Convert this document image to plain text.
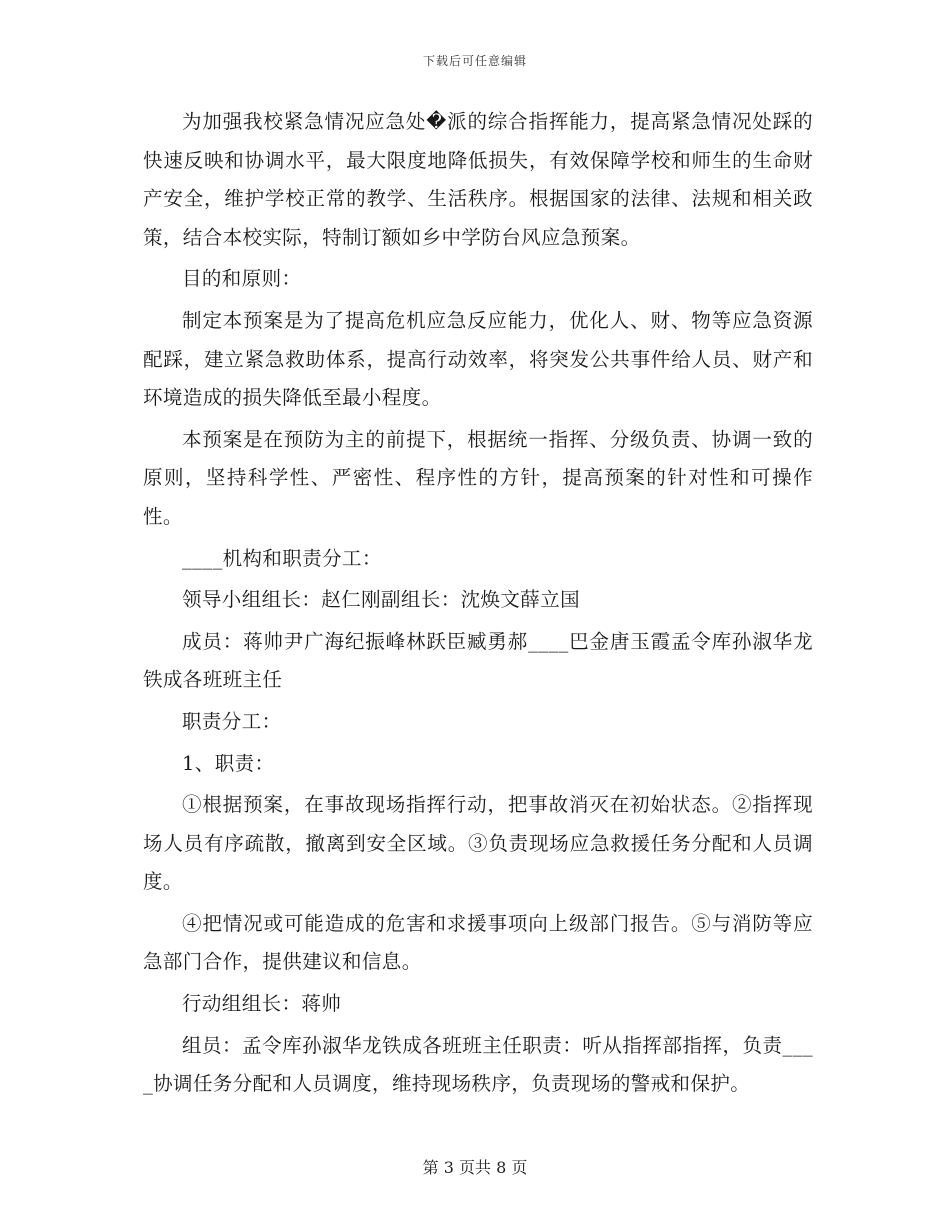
下载后可任意编辑

为加强我校紧急情况应急处�派的综合指挥能力，提高紧急情况处踩的快速反映和协调水平，最大限度地降低损失，有效保障学校和师生的生命财产安全，维护学校正常的教学、生活秩序。根据国家的法律、法规和相关政策，结合本校实际，特制订额如乡中学防台风应急预案。

目的和原则：

制定本预案是为了提高危机应急反应能力，优化人、财、物等应急资源配踩，建立紧急救助体系，提高行动效率，将突发公共事件给人员、财产和环境造成的损失降低至最小程度。

本预案是在预防为主的前提下，根据统一指挥、分级负责、协调一致的原则，坚持科学性、严密性、程序性的方针，提高预案的针对性和可操作性。

____机构和职责分工：

领导小组组长：赵仁刚副组长：沈焕文薛立国

成员：蒋帅尹广海纪振峰林跃臣臧勇郝____巴金唐玉霞孟令库孙淑华龙铁成各班班主任

职责分工：

1、职责：

①根据预案，在事故现场指挥行动，把事故消灭在初始状态。②指挥现场人员有序疏散，撤离到安全区域。③负责现场应急救援任务分配和人员调度。

④把情况或可能造成的危害和求援事项向上级部门报告。⑤与消防等应急部门合作，提供建议和信息。

行动组组长：蒋帅

组员：孟令库孙淑华龙铁成各班班主任职责：听从指挥部指挥，负责____协调任务分配和人员调度，维持现场秩序，负责现场的警戒和保护。

第 3 页共 8 页
